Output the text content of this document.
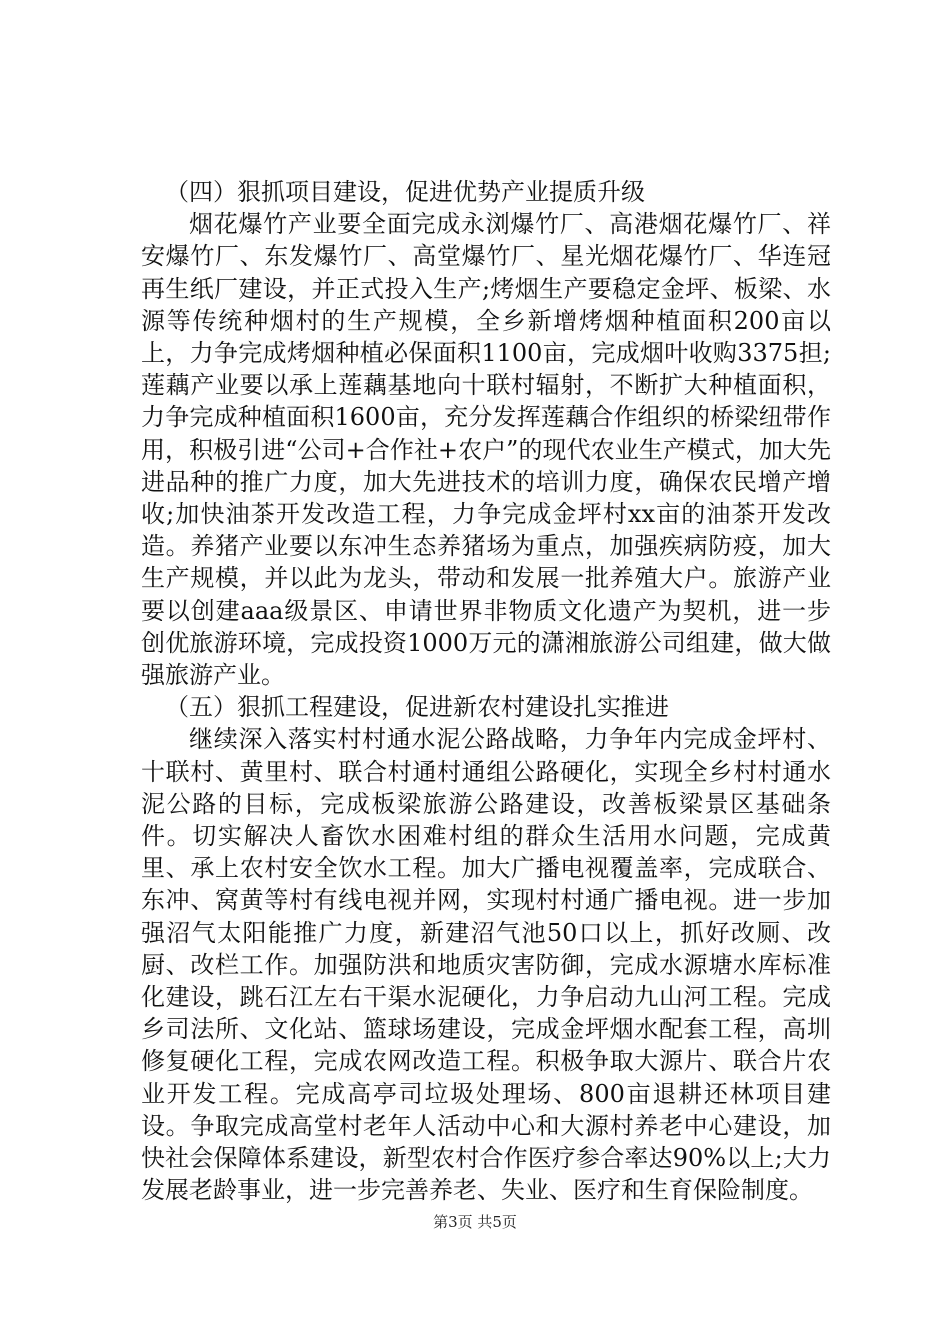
（四）狠抓项目建设，促进优势产业提质升级

烟花爆竹产业要全面完成永浏爆竹厂、高港烟花爆竹厂、祥安爆竹厂、东发爆竹厂、高堂爆竹厂、星光烟花爆竹厂、华连冠再生纸厂建设，并正式投入生产;烤烟生产要稳定金坪、板梁、水源等传统种烟村的生产规模，全乡新增烤烟种植面积200亩以上，力争完成烤烟种植必保面积1100亩，完成烟叶收购3375担;莲藕产业要以承上莲藕基地向十联村辐射，不断扩大种植面积，力争完成种植面积1600亩，充分发挥莲藕合作组织的桥梁纽带作用，积极引进“公司+合作社+农户”的现代农业生产模式，加大先进品种的推广力度，加大先进技术的培训力度，确保农民增产增收;加快油茶开发改造工程，力争完成金坪村xx亩的油茶开发改造。养猪产业要以东冲生态养猪场为重点，加强疾病防疫，加大生产规模，并以此为龙头，带动和发展一批养殖大户。旅游产业要以创建aaa级景区、申请世界非物质文化遗产为契机，进一步创优旅游环境，完成投资1000万元的潇湘旅游公司组建，做大做强旅游产业。

（五）狠抓工程建设，促进新农村建设扎实推进

继续深入落实村村通水泥公路战略，力争年内完成金坪村、十联村、黄里村、联合村通村通组公路硬化，实现全乡村村通水泥公路的目标，完成板梁旅游公路建设，改善板梁景区基础条件。切实解决人畜饮水困难村组的群众生活用水问题，完成黄里、承上农村安全饮水工程。加大广播电视覆盖率，完成联合、东冲、窝黄等村有线电视并网，实现村村通广播电视。进一步加强沼气太阳能推广力度，新建沼气池50口以上，抓好改厕、改厨、改栏工作。加强防洪和地质灾害防御，完成水源塘水库标准化建设，跳石江左右干渠水泥硬化，力争启动九山河工程。完成乡司法所、文化站、篮球场建设，完成金坪烟水配套工程，高圳修复硬化工程，完成农网改造工程。积极争取大源片、联合片农业开发工程。完成高亭司垃圾处理场、800亩退耕还林项目建设。争取完成高堂村老年人活动中心和大源村养老中心建设，加快社会保障体系建设，新型农村合作医疗参合率达90%以上;大力发展老龄事业，进一步完善养老、失业、医疗和生育保险制度。

第3页 共5页
